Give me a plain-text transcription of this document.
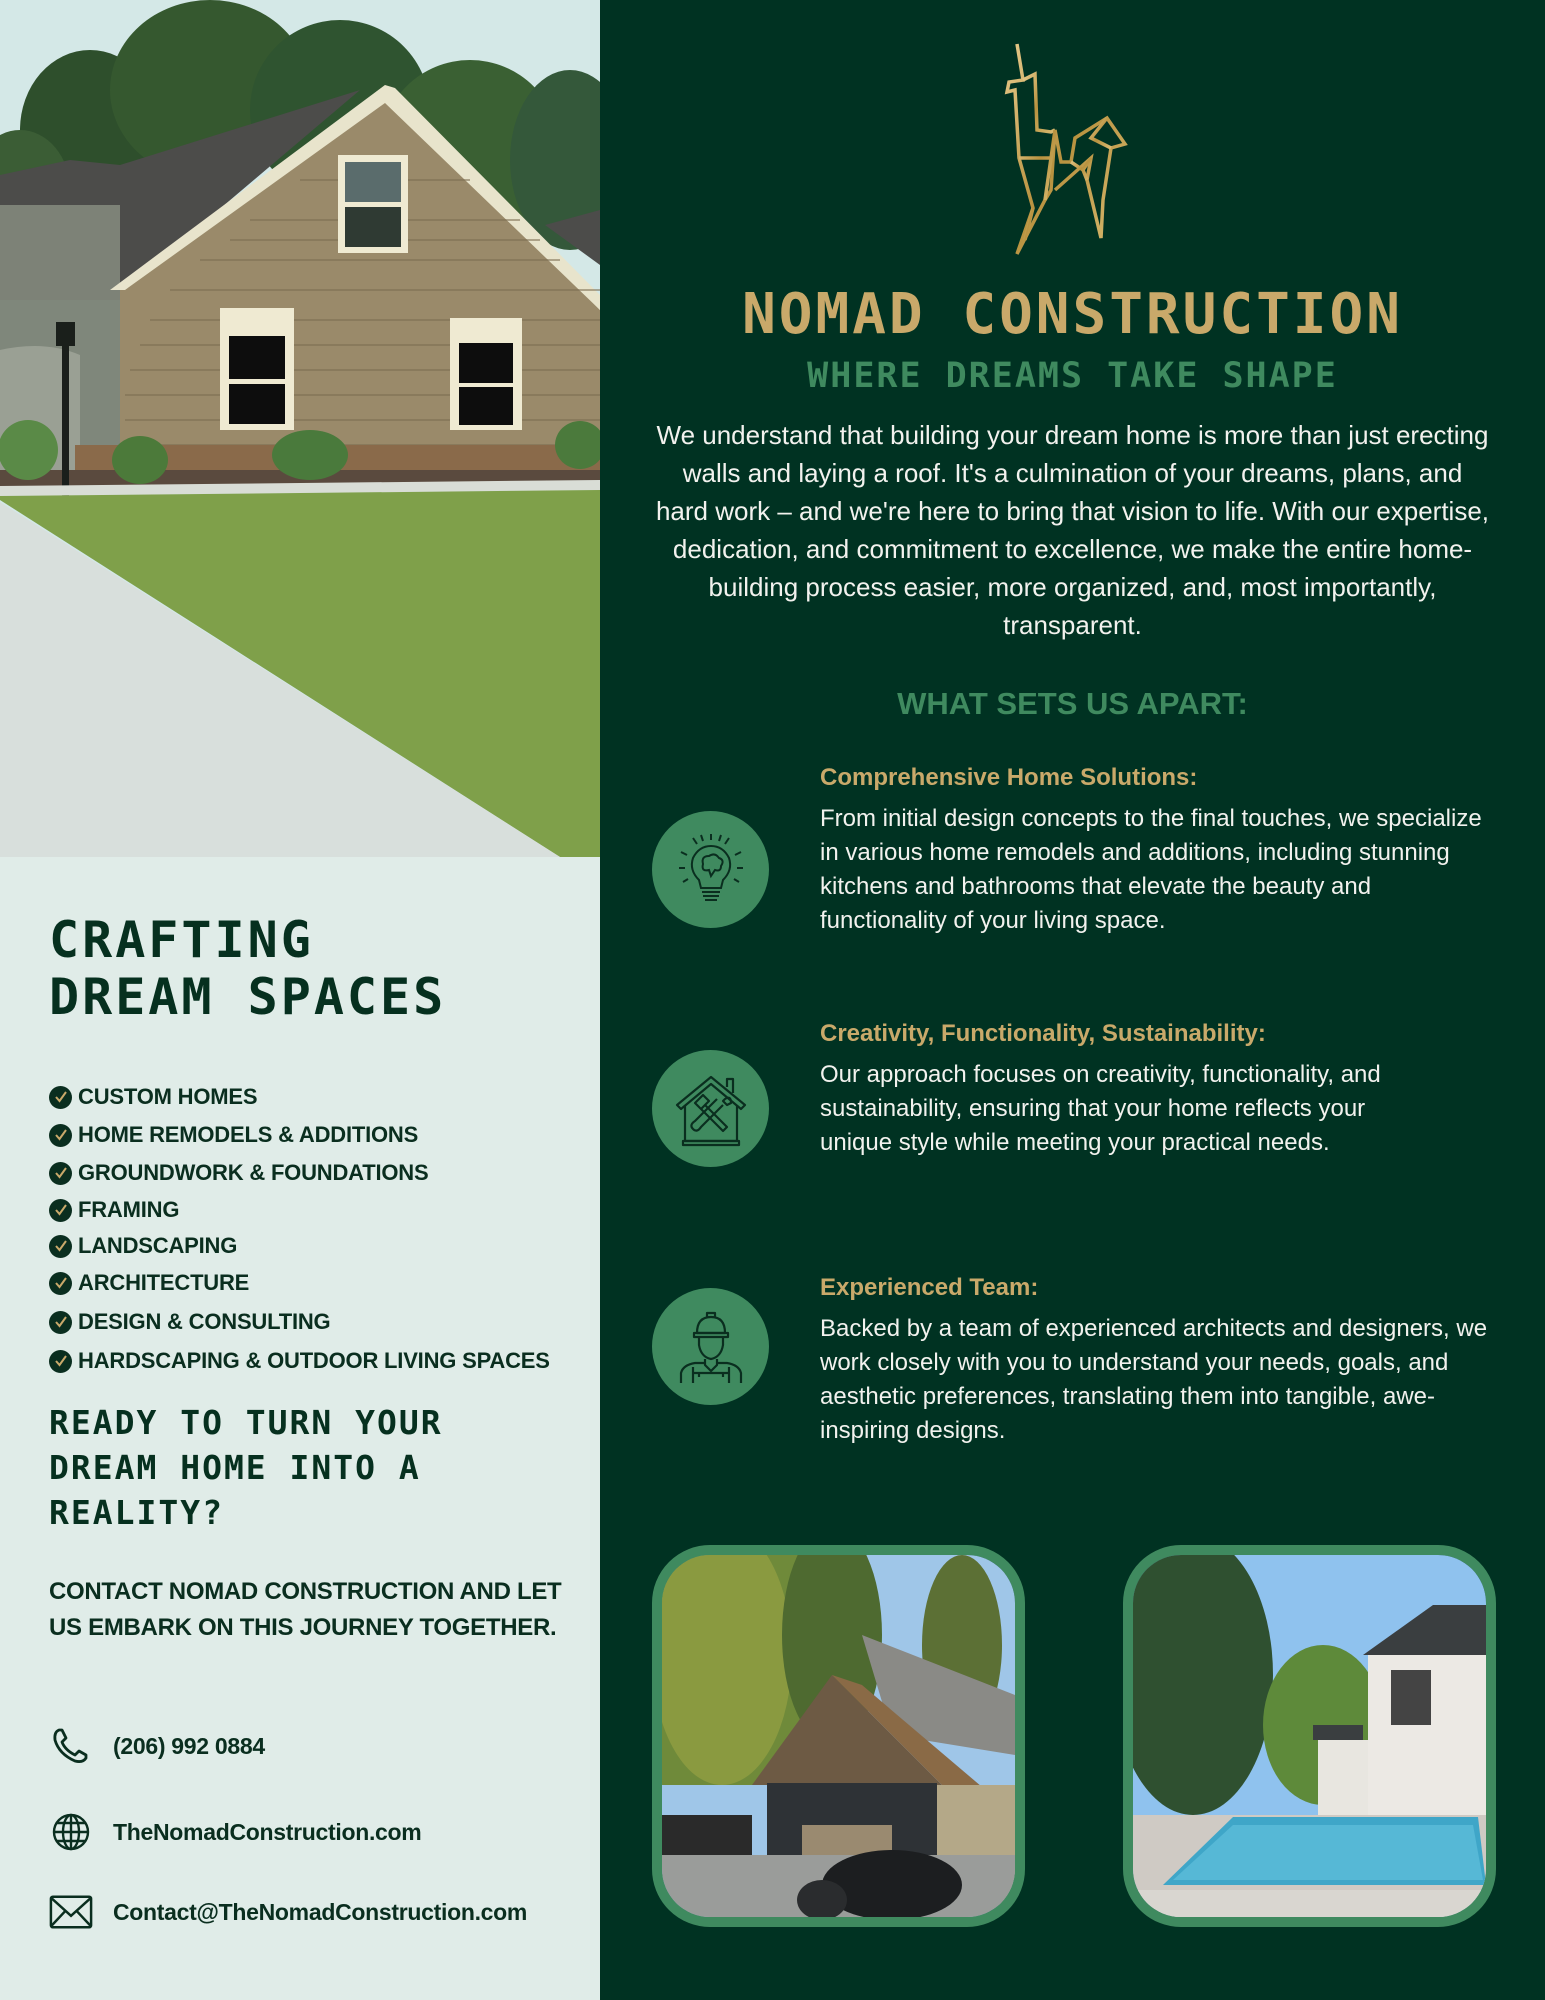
CRAFTING
DREAM SPACES
CUSTOM HOMES
HOME REMODELS & ADDITIONS
GROUNDWORK & FOUNDATIONS
FRAMING
LANDSCAPING
ARCHITECTURE
DESIGN & CONSULTING
HARDSCAPING & OUTDOOR LIVING SPACES
READY TO TURN YOUR DREAM HOME INTO A REALITY?
CONTACT NOMAD CONSTRUCTION AND LET US EMBARK ON THIS JOURNEY TOGETHER.
(206) 992 0884
TheNomadConstruction.com
Contact@TheNomadConstruction.com
NOMAD CONSTRUCTION
WHERE DREAMS TAKE SHAPE

We understand that building your dream home is more than just erecting walls and laying a roof. It's a culmination of your dreams, plans, and hard work – and we're here to bring that vision to life. With our expertise, dedication, and commitment to excellence, we make the entire home-building process easier, more organized, and, most importantly, transparent.

WHAT SETS US APART:
Comprehensive Home Solutions:

From initial design concepts to the final touches, we specialize in various home remodels and additions, including stunning kitchens and bathrooms that elevate the beauty and functionality of your living space.

Creativity, Functionality, Sustainability:

Our approach focuses on creativity, functionality, and sustainability, ensuring that your home reflects your unique style while meeting your practical needs.

Experienced Team:

Backed by a team of experienced architects and designers, we work closely with you to understand your needs, goals, and aesthetic preferences, translating them into tangible, awe-inspiring designs.
